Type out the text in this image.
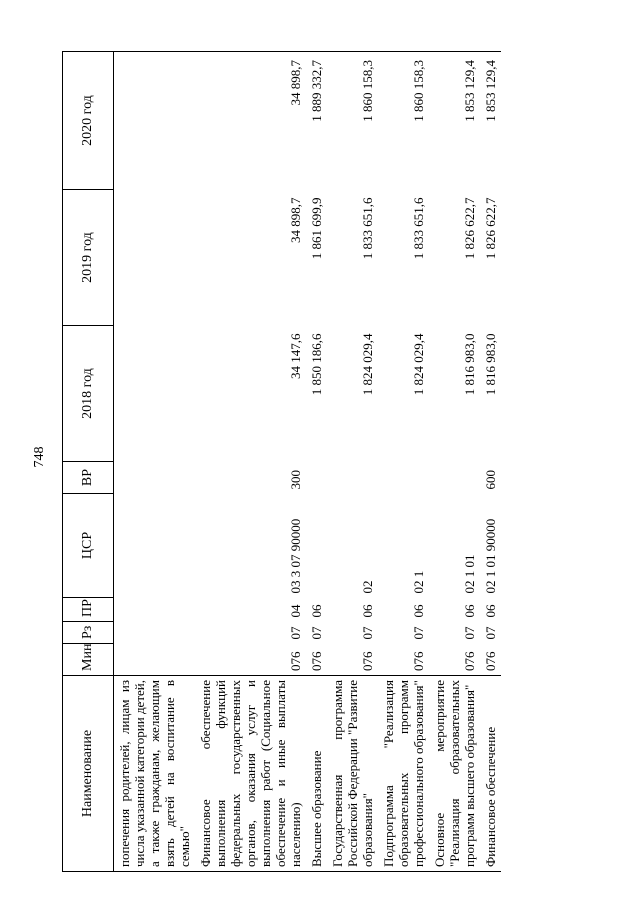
748
Наименование	Мин	Рз	ПР	ЦСР	ВР	2018 год	2019 год	2020 год
попечения родителей, лицам из числа указанной категории детей, а также гражданам, желающим взять детей на воспитание в семью"								
Финансовое обеспечение выполнения функций федеральных государственных органов, оказания услуг и выполнения работ (Социальное обеспечение и иные выплаты населению)	076	07	04	03 3 07 90000	300	34 147,6	34 898,7	34 898,7
Высшее образование	076	07	06			1 850 186,6	1 861 699,9	1 889 332,7
Государственная программа Российской Федерации "Развитие образования"	076	07	06	02		1 824 029,4	1 833 651,6	1 860 158,3
Подпрограмма "Реализация образовательных программ профессионального образования"	076	07	06	02 1		1 824 029,4	1 833 651,6	1 860 158,3
Основное мероприятие "Реализация образовательных программ высшего образования"	076	07	06	02 1 01		1 816 983,0	1 826 622,7	1 853 129,4
Финансовое обеспечение	076	07	06	02 1 01 90000	600	1 816 983,0	1 826 622,7	1 853 129,4
